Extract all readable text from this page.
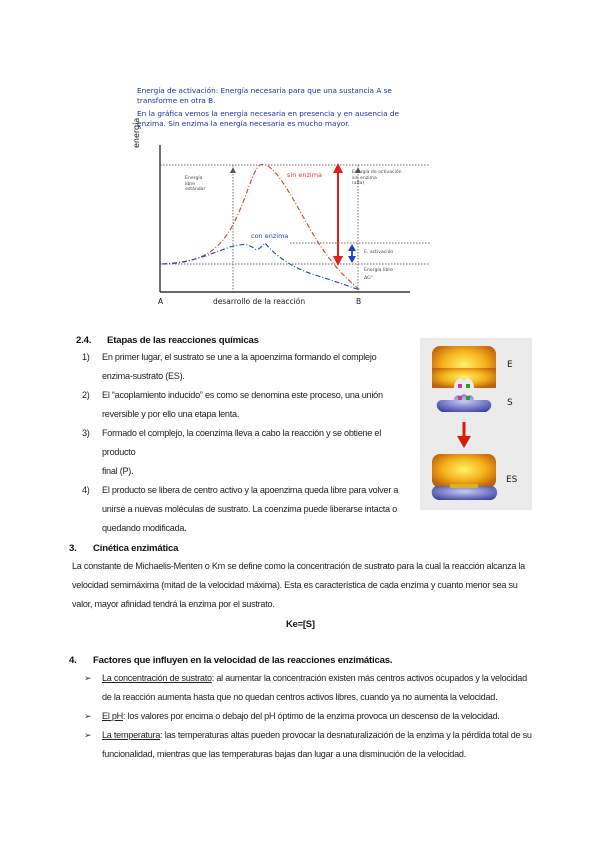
Energía de activación: Energía necesaria para que una sustancia A se
transforme en otra B.
En la gráfica vemos la energía necesaria en presencia y en ausencia de
enzima. Sin enzima la energía necesaria es mucho mayor.
energía
sin enzima
con enzima
Energía
libre
estándar
Energía de activación
sin enzima
(alta)
E. activación
Energía libre
ΔG°
A	desarrollo de la reacción	B
2.4. Etapas de las reacciones químicas
1)	En primer lugar, el sustrato se une a la apoenzima formando el complejo
enzima-sustrato (ES).
2)	El “acoplamiento inducido” es como se denomina este proceso, una unión
reversible y por ello una etapa lenta.
3)	Formado el complejo, la coenzima lleva a cabo la reacción y se obtiene el producto
final (P).
4)	El producto se libera de centro activo y la apoenzima queda libre para volver a
unirse a nuevas moléculas de sustrato. La coenzima puede liberarse intacta o
quedando modificada.
E
S
ES
3. Cinética enzimática
La constante de Michaelis-Menten o Km se define como la concentración de sustrato para la cual la reacción alcanza la
velocidad semimáxima (mitad de la velocidad máxima). Esta es característica de cada enzima y cuanto menor sea su
valor, mayor afinidad tendrá la enzima por el sustrato.
Ke=[S]
4. Factores que influyen en la velocidad de las reacciones enzimáticas.
➢ La concentración de sustrato: al aumentar la concentración existen más centros activos ocupados y la velocidad
de la reacción aumenta hasta que no quedan centros activos libres, cuando ya no aumenta la velocidad.
➢ El pH: los valores por encima o debajo del pH óptimo de la enzima provoca un descenso de la velocidad.
➢ La temperatura: las temperaturas altas pueden provocar la desnaturalización de la enzima y la pérdida total de su
funcionalidad, mientras que las temperaturas bajas dan lugar a una disminución de la velocidad.
